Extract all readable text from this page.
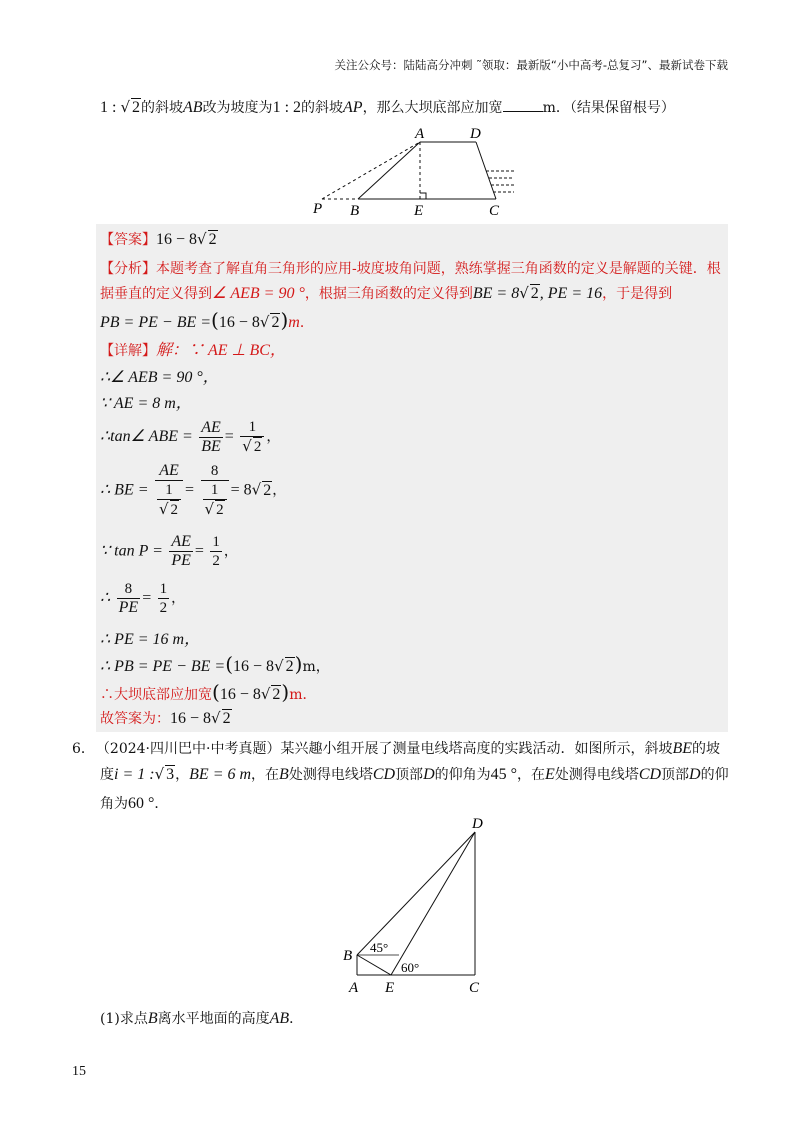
关注公众号：陆陆高分冲刺 ˜领取：最新版“小中高考-总复习”、最新试卷下载
1 : √ 2的斜坡AB改为坡度为1 : 2的斜坡AP，那么大坝底部应加宽	m．（结果保留根号）
A	D
P B	E	C
【答案】16 − 8√ 2
【分析】本题考查了解直角三角形的应用-坡度坡角问题，熟练掌握三角函数的定义是解题的关键．根
据垂直的定义得到∠ AEB = 90 °，根据三角函数的定义得到BE = 8√ 2, PE = 16，于是得到
PB = PE − BE =(16 − 8√ 2)m．
【详解】解：∵ AE ⊥ BC，
∴∠ AEB = 90 °，
∵ AE = 8 m，
∴tan∠ ABE = $\frac{AE}{BE} = \frac{1}{√ 2}$ ，
∴ BE = $\frac{AE}{\frac{1}{√ 2}} = \frac{8}{\frac{1}{√ 2}} = 8√$ 2，
∵ $\tan P = \frac{AE}{PE} = \frac{1}{2}$ ，
∴ $\frac{8}{PE} = \frac{1}{2}$ ，
∴ PE = 16 m，
∴ PB = PE − BE =(16 − 8√ 2)m，
∴大坝底部应加宽(16 − 8√ 2)m．
故答案为：16 − 8√ 2
6． （2024·四川巴中·中考真题）某兴趣小组开展了测量电线塔高度的实践活动．如图所示，斜坡BE的坡
度i = 1 :√ 3，BE = 6 m，在B处测得电线塔CD顶部D的仰角为45 °，在E处测得电线塔CD顶部D的仰
角为60 °．
D
B
A E	C
45°
60°
(1)求点B离水平地面的高度AB．
15
